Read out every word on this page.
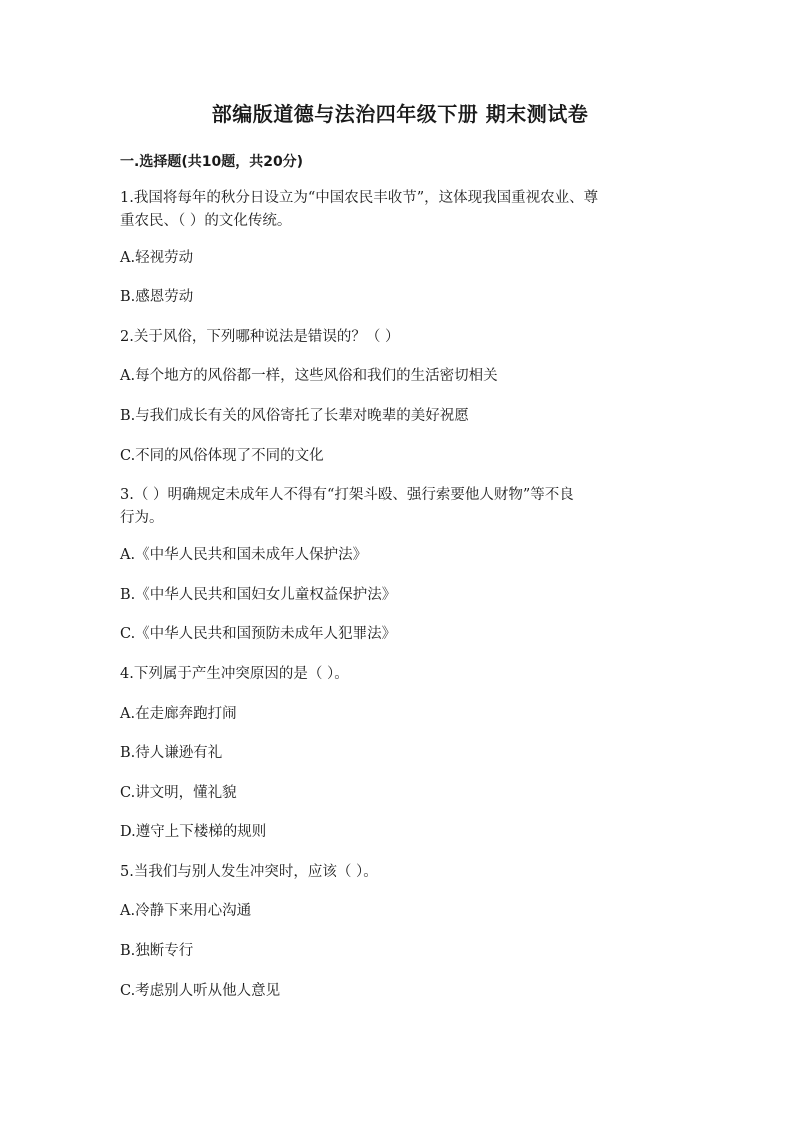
部编版道德与法治四年级下册 期末测试卷
一.选择题(共10题，共20分)
1.我国将每年的秋分日设立为“中国农民丰收节”，这体现我国重视农业、尊
重农民、（ ）的文化传统。
A.轻视劳动
B.感恩劳动
2.关于风俗，下列哪种说法是错误的？（ ）
A.每个地方的风俗都一样，这些风俗和我们的生活密切相关
B.与我们成长有关的风俗寄托了长辈对晚辈的美好祝愿
C.不同的风俗体现了不同的文化
3.（ ）明确规定未成年人不得有“打架斗殴、强行索要他人财物”等不良
行为。
A.《中华人民共和国未成年人保护法》
B.《中华人民共和国妇女儿童权益保护法》
C.《中华人民共和国预防未成年人犯罪法》
4.下列属于产生冲突原因的是（ ）。
A.在走廊奔跑打闹
B.待人谦逊有礼
C.讲文明，懂礼貌
D.遵守上下楼梯的规则
5.当我们与别人发生冲突时，应该（ ）。
A.冷静下来用心沟通
B.独断专行
C.考虑别人听从他人意见
